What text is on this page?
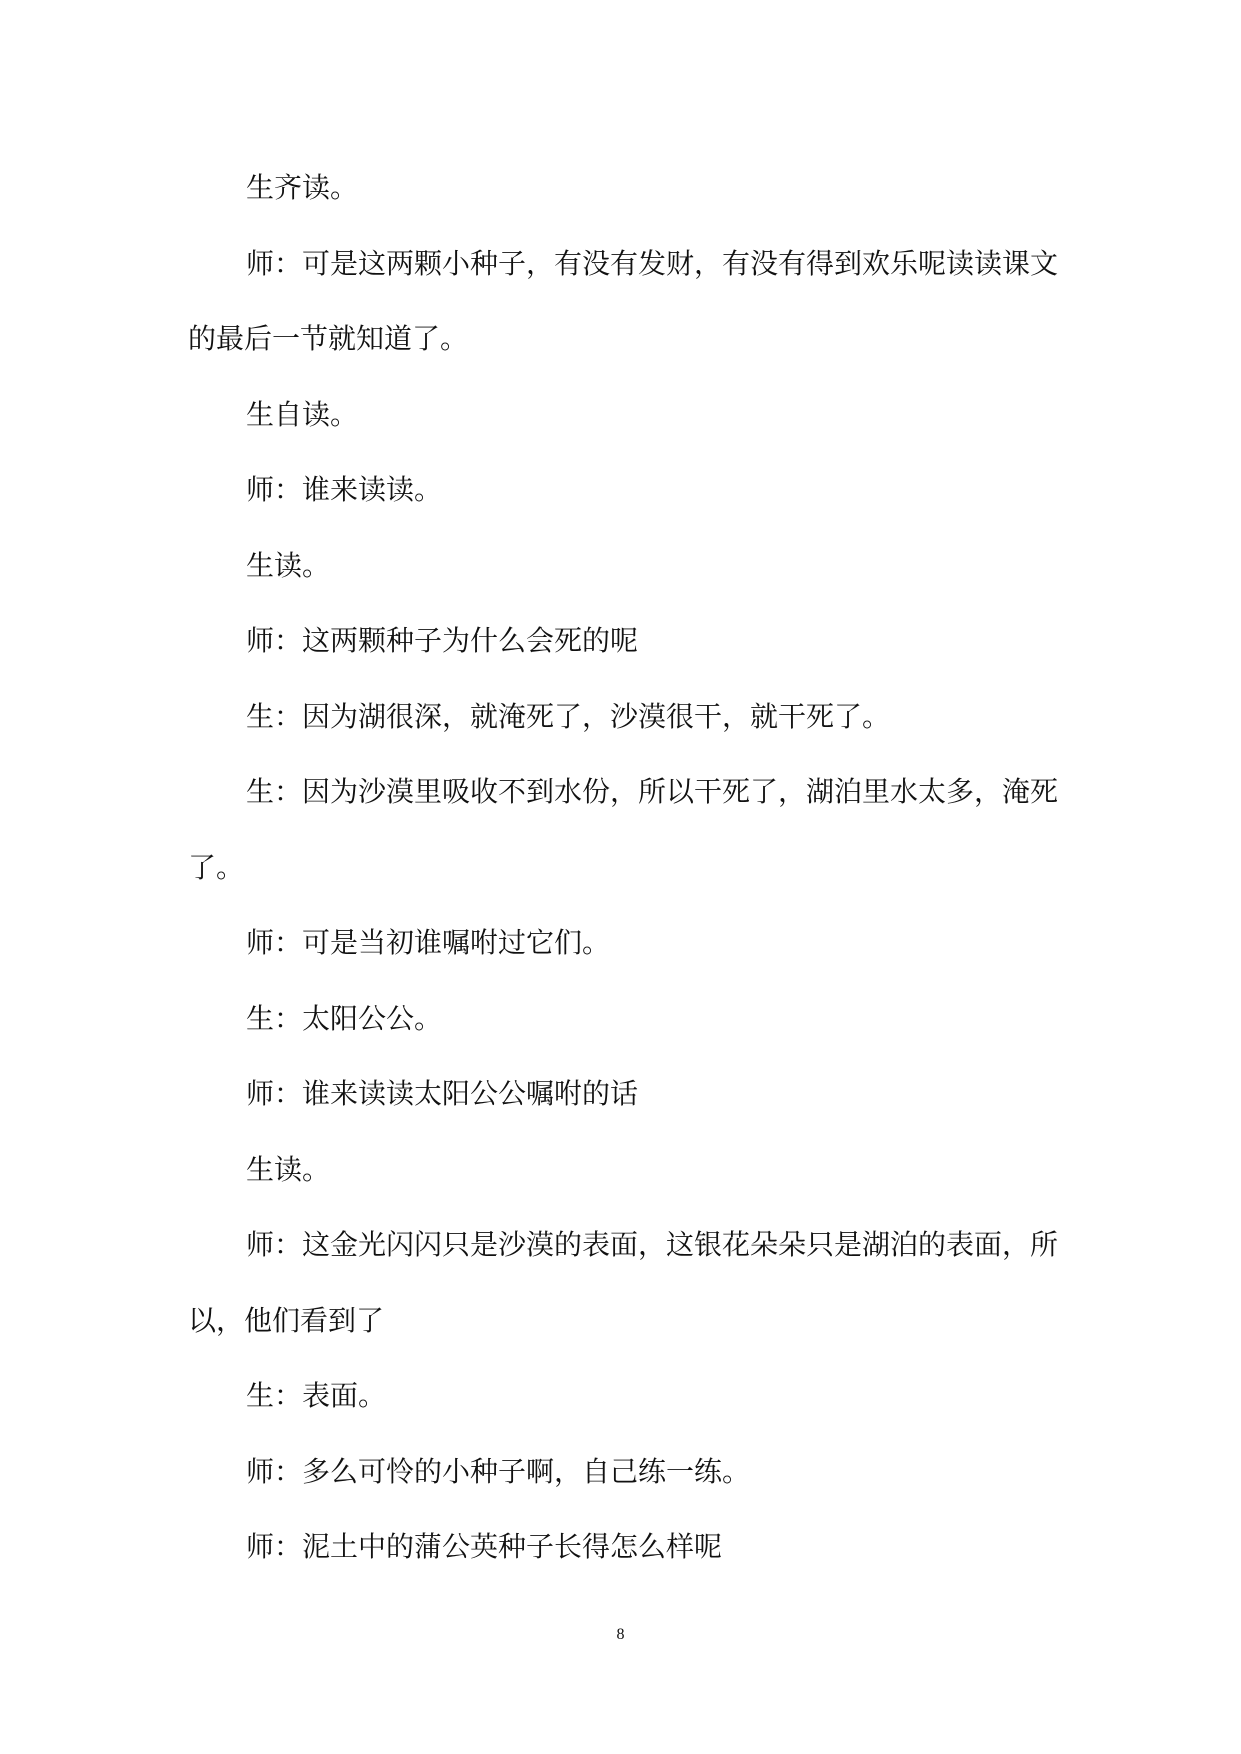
生齐读。

师：可是这两颗小种子，有没有发财，有没有得到欢乐呢读读课文的最后一节就知道了。

生自读。

师：谁来读读。

生读。

师：这两颗种子为什么会死的呢

生：因为湖很深，就淹死了，沙漠很干，就干死了。

生：因为沙漠里吸收不到水份，所以干死了，湖泊里水太多，淹死了。

师：可是当初谁嘱咐过它们。

生：太阳公公。

师：谁来读读太阳公公嘱咐的话

生读。

师：这金光闪闪只是沙漠的表面，这银花朵朵只是湖泊的表面，所以，他们看到了

生：表面。

师：多么可怜的小种子啊，自己练一练。

师：泥土中的蒲公英种子长得怎么样呢

8
